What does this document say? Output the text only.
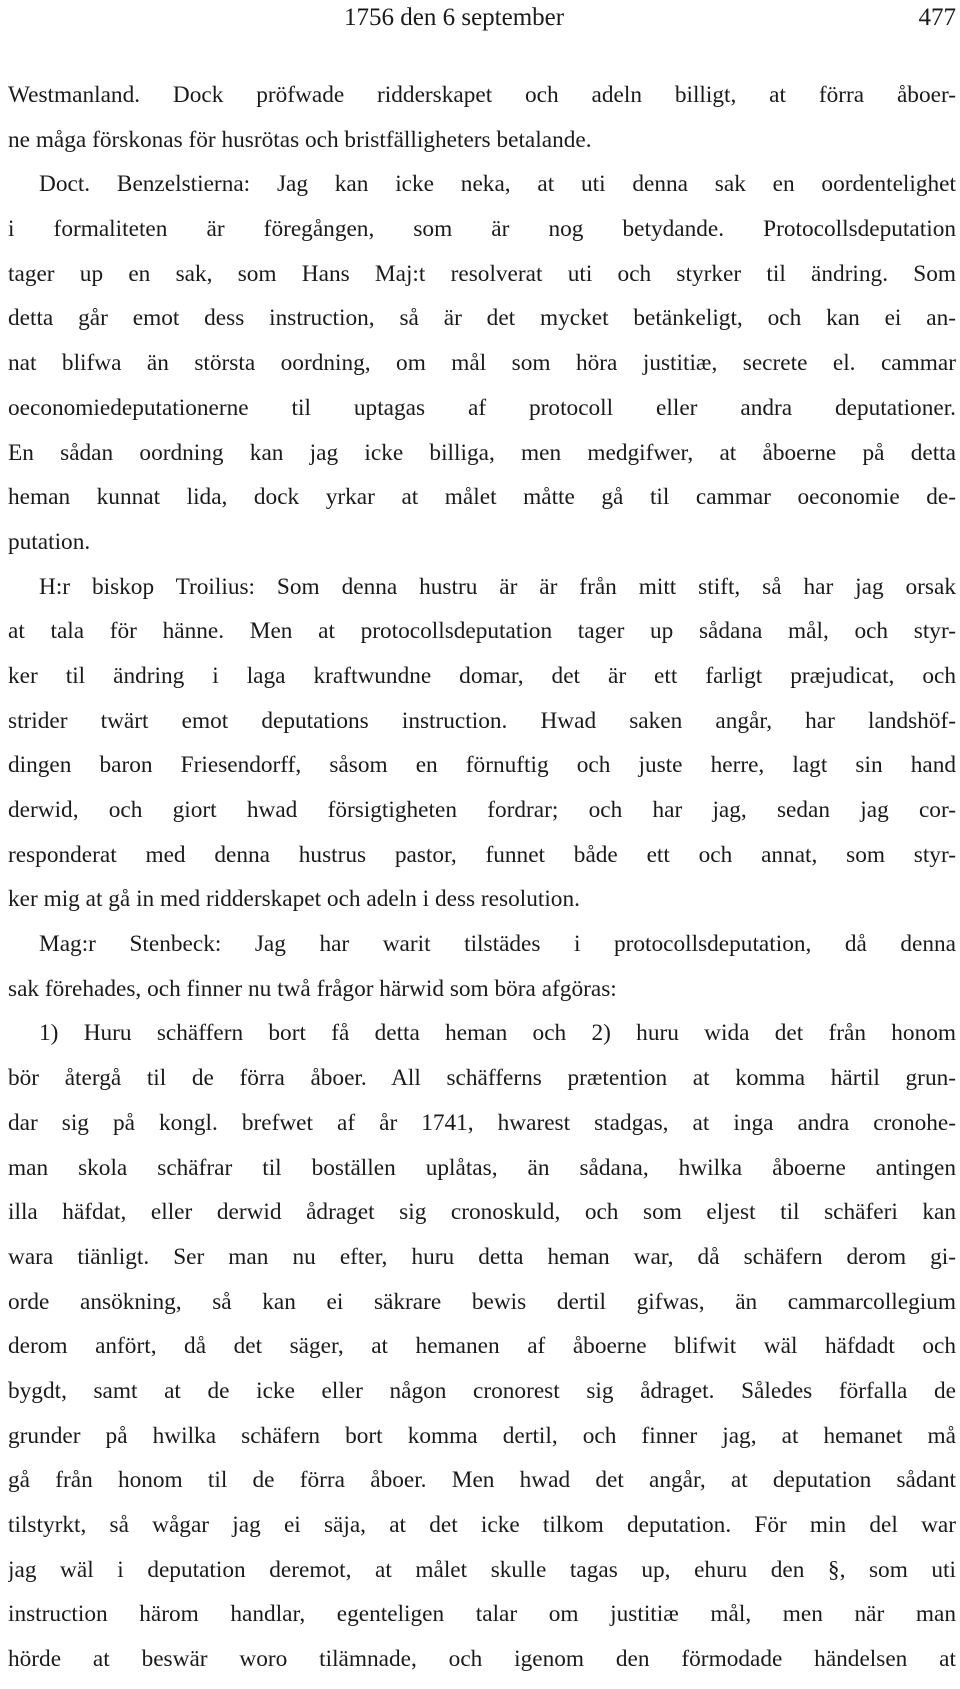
1756 den 6 september	477
Westmanland. Dock pröfwade ridderskapet och adeln billigt, at förra åboer-
ne måga förskonas för husrötas och bristfälligheters betalande.
Doct. Benzelstierna: Jag kan icke neka, at uti denna sak en oordentelighet
i formaliteten är föregången, som är nog betydande. Protocollsdeputation
tager up en sak, som Hans Maj:t resolverat uti och styrker til ändring. Som
detta går emot dess instruction, så är det mycket betänkeligt, och kan ei an-
nat blifwa än största oordning, om mål som höra justitiæ, secrete el. cammar
oeconomiedeputationerne til uptagas af protocoll eller andra deputationer.
En sådan oordning kan jag icke billiga, men medgifwer, at åboerne på detta
heman kunnat lida, dock yrkar at målet måtte gå til cammar oeconomie de-
putation.
H:r biskop Troilius: Som denna hustru är är från mitt stift, så har jag orsak
at tala för hänne. Men at protocollsdeputation tager up sådana mål, och styr-
ker til ändring i laga kraftwundne domar, det är ett farligt præjudicat, och
strider twärt emot deputations instruction. Hwad saken angår, har landshöf-
dingen baron Friesendorff, såsom en förnuftig och juste herre, lagt sin hand
derwid, och giort hwad försigtigheten fordrar; och har jag, sedan jag cor-
responderat med denna hustrus pastor, funnet både ett och annat, som styr-
ker mig at gå in med ridderskapet och adeln i dess resolution.
Mag:r Stenbeck: Jag har warit tilstädes i protocollsdeputation, då denna
sak förehades, och finner nu twå frågor härwid som böra afgöras:
1) Huru schäffern bort få detta heman och 2) huru wida det från honom
bör återgå til de förra åboer. All schäfferns prætention at komma härtil grun-
dar sig på kongl. brefwet af år 1741, hwarest stadgas, at inga andra cronohe-
man skola schäfrar til boställen uplåtas, än sådana, hwilka åboerne antingen
illa häfdat, eller derwid ådraget sig cronoskuld, och som eljest til schäferi kan
wara tiänligt. Ser man nu efter, huru detta heman war, då schäfern derom gi-
orde ansökning, så kan ei säkrare bewis dertil gifwas, än cammarcollegium
derom anfört, då det säger, at hemanen af åboerne blifwit wäl häfdadt och
bygdt, samt at de icke eller någon cronorest sig ådraget. Således förfalla de
grunder på hwilka schäfern bort komma dertil, och finner jag, at hemanet må
gå från honom til de förra åboer. Men hwad det angår, at deputation sådant
tilstyrkt, så wågar jag ei säja, at det icke tilkom deputation. För min del war
jag wäl i deputation deremot, at målet skulle tagas up, ehuru den §, som uti
instruction härom handlar, egenteligen talar om justitiæ mål, men när man
hörde at beswär woro tilämnade, och igenom den förmodade händelsen at
